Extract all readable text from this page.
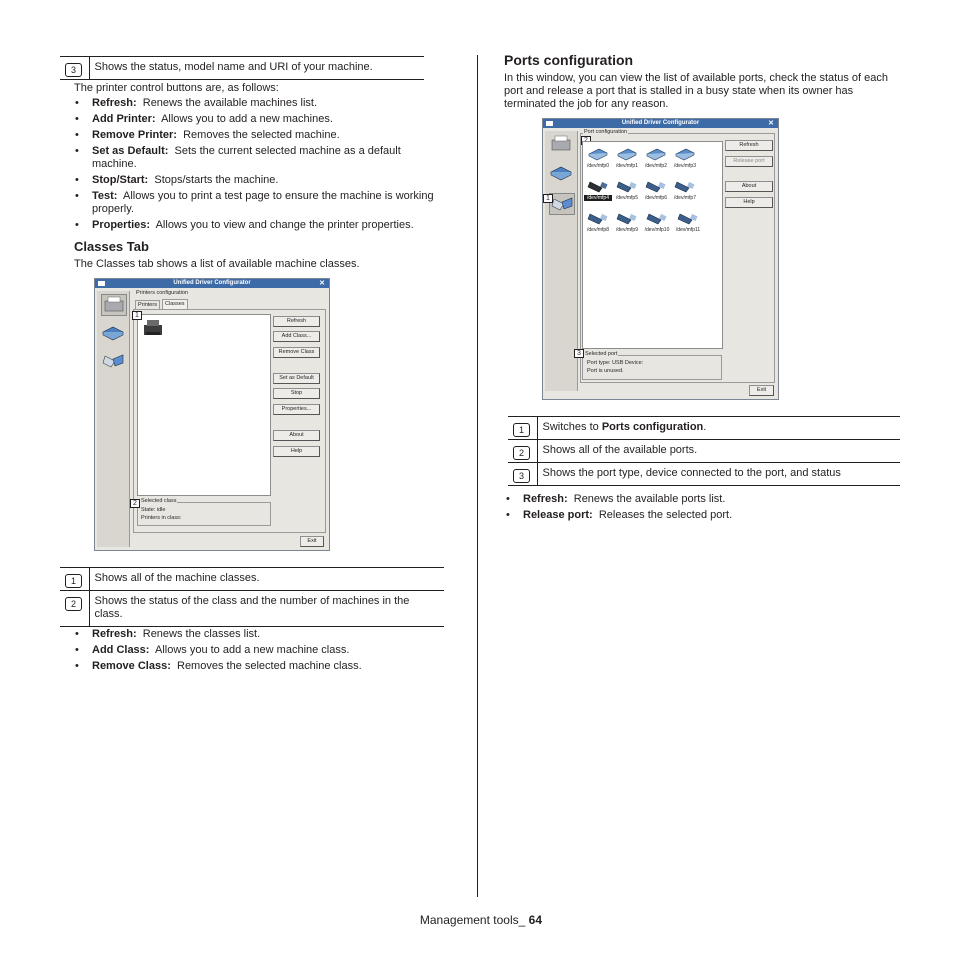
3	Shows the status, model name and URI of your machine.

The printer control buttons are, as follows:

• Refresh: Renews the available machines list.
• Add Printer: Allows you to add a new machines.
• Remove Printer: Removes the selected machine.
• Set as Default: Sets the current selected machine as a default machine.
• Stop/Start: Stops/starts the machine.
• Test: Allows you to print a test page to ensure the machine is working properly.
• Properties: Allows you to view and change the printer properties.
Classes Tab

The Classes tab shows a list of available machine classes.

Unified Driver Configurator	✕
Printers configuration
Printers	Classes
1
Refresh
Add Class...
Remove Class
Set as Default
Stop
Properties...
About
Help
Selected class
State: idle
Printers in class:
2
Exit
1	Shows all of the machine classes.
2	Shows the status of the class and the number of machines in the class.
• Refresh: Renews the classes list.
• Add Class: Allows you to add a new machine class.
• Remove Class: Removes the selected machine class.
Ports configuration

In this window, you can view the list of available ports, check the status of each port and release a port that is stalled in a busy state when its owner has terminated the job for any reason.

Unified Driver Configurator	✕
1
Port configuration
/dev/mfp0	/dev/mfp1	/dev/mfp2	/dev/mfp3
/dev/mfp4	/dev/mfp5	/dev/mfp6	/dev/mfp7
/dev/mfp8	/dev/mfp9	/dev/mfp10	/dev/mfp11
Refresh
Release port
About
Help
Selected port
3
Port type: USB Device:
Port is unused.
Exit
1	Switches to Ports configuration.
2	Shows all of the available ports.
3	Shows the port type, device connected to the port, and status
• Refresh: Renews the available ports list.
• Release port: Releases the selected port.
Management tools_ 64
